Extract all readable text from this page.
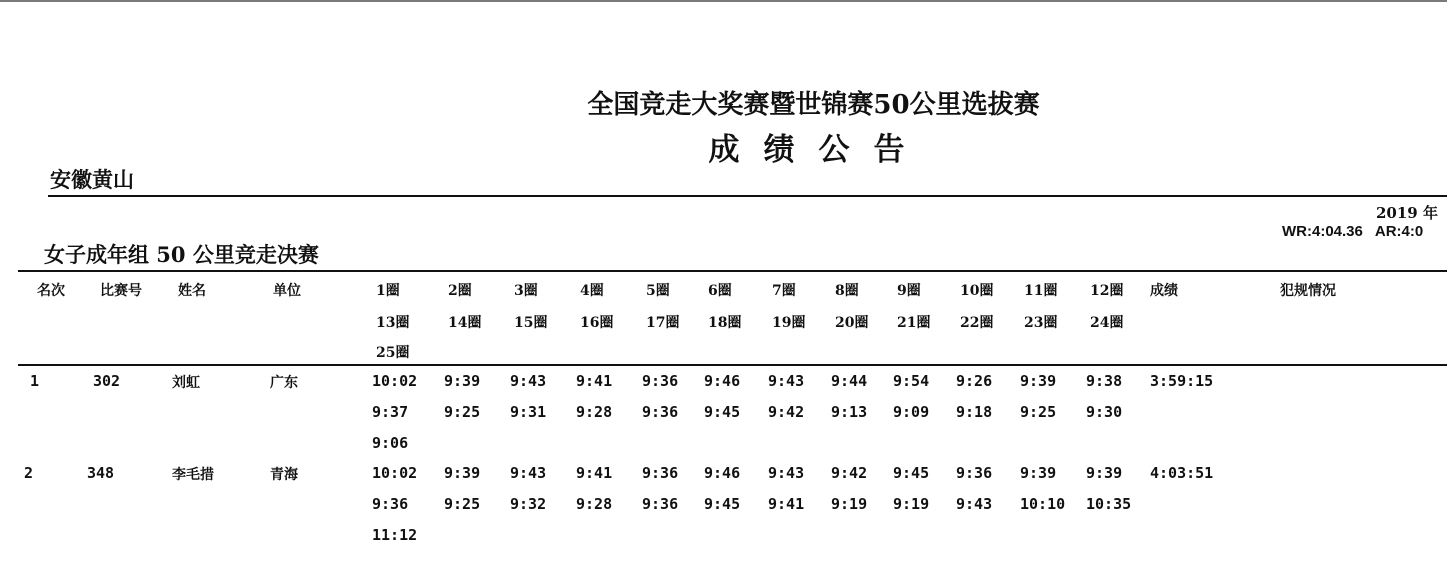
全国竞走大奖赛暨世锦赛50公里选拔赛
成绩公告
安徽黄山
2019 年
WR:4:04.36 AR:4:0
女子成年组 50 公里竞走决赛
名次	比赛号	姓名	单位	1圈	2圈	3圈	4圈	5圈	6圈	7圈	8圈	9圈	10圈 11圈 12圈
13圈	14圈 15圈 16圈 17圈 18圈 19圈 20圈 21圈 22圈 23圈 24圈
25圈
成绩	犯规情况
1	302	刘虹	广东	10:02 9:39 9:43 9:41 9:36 9:46 9:43 9:44 9:54 9:26 9:39 9:38
9:37 9:25 9:31 9:28 9:36 9:45 9:42 9:13 9:09 9:18 9:25 9:30
9:06
3:59:15
2	348	李毛措	青海	10:02 9:39 9:43 9:41 9:36 9:46 9:43 9:42 9:45 9:36 9:39 9:39
9:36 9:25 9:32 9:28 9:36 9:45 9:41 9:19 9:19 9:43 10:10 10:35
11:12
4:03:51
